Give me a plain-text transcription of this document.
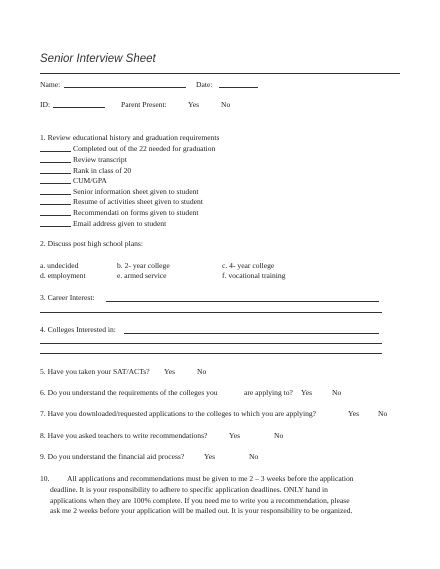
Senior Interview Sheet
Name:	Date:
ID:	Parent Present:	Yes	No
1. Review educational history and graduation requirements
Completed out of the 22 needed for graduation
Review transcript
Rank in class of 20
CUM/GPA
Senior information sheet given to student
Resume of activities sheet given to student
Recommendati on forms given to student
Email address given to student
2. Discuss post high school plans:
a. undecided	b. 2- year college	c. 4- year college
d. employment	e. armed service	f. vocational training
3. Career Interest:
4. Colleges Interested in:
5. Have you taken your SAT/ACTs? Yes	No
6. Do you understand the requirements of the colleges you	are applying to? Yes	No
7. Have you downloaded/requested applications to the colleges to which you are applying?	Yes No
8. Have you asked teachers to write recommendations?	Yes	No
9. Do you understand the financial aid process?	Yes	No
10. All applications and recommendations must be given to me 2 – 3 weeks before the application
deadline. It is your responsibility to adhere to specific application deadlines. ONLY hand in
applications when they are 100% complete. If you need me to write you a recommendation, please
ask me 2 weeks before your application will be mailed out. It is your responsibility to be organized.
